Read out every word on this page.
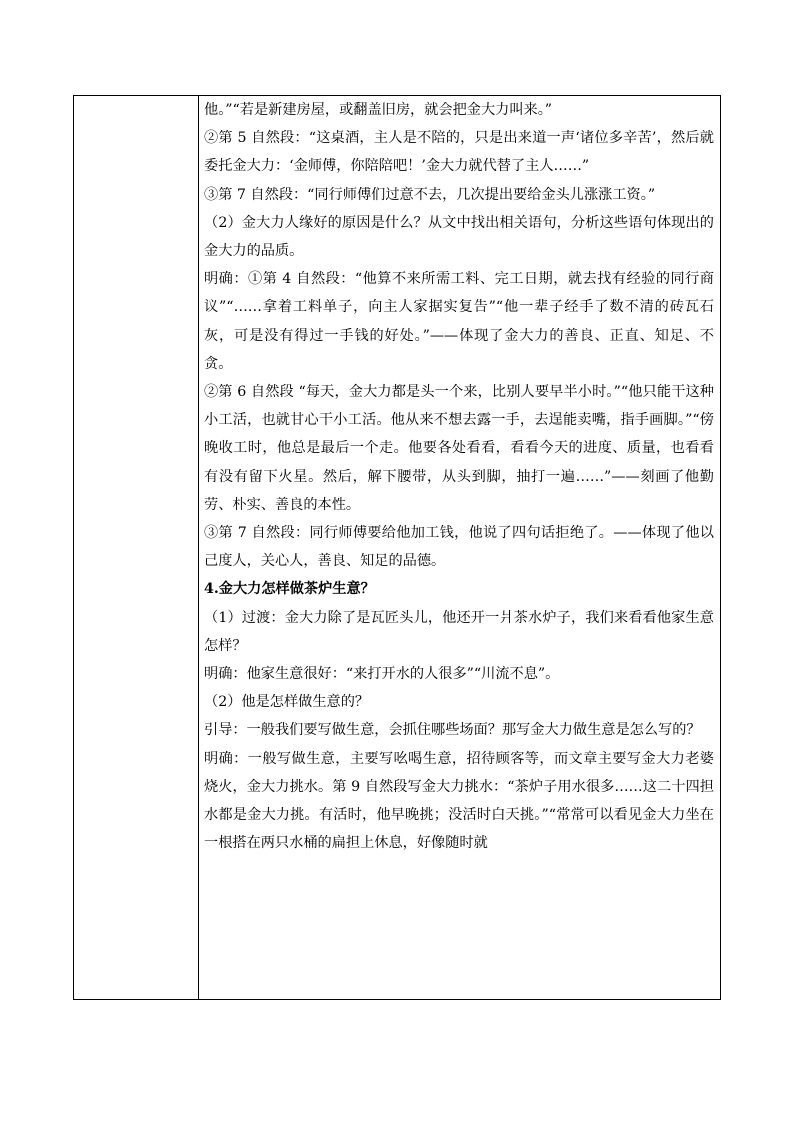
他。”“若是新建房屋，或翻盖旧房，就会把金大力叫来。”

②第 5 自然段：“这桌酒，主人是不陪的，只是出来道一声‘诸位多辛苦’，然后就委托金大力：‘金师傅，你陪陪吧！’金大力就代替了主人……”

③第 7 自然段：“同行师傅们过意不去，几次提出要给金头儿涨涨工资。”

（2）金大力人缘好的原因是什么？从文中找出相关语句，分析这些语句体现出的金大力的品质。

明确：①第 4 自然段：“他算不来所需工料、完工日期，就去找有经验的同行商议”“……拿着工料单子，向主人家据实复告”“他一辈子经手了数不清的砖瓦石灰，可是没有得过一手钱的好处。”——体现了金大力的善良、正直、知足、不贪。

②第 6 自然段 “每天，金大力都是头一个来，比别人要早半小时。”“他只能干这种小工活，也就甘心干小工活。他从来不想去露一手，去逞能卖嘴，指手画脚。”“傍晚收工时，他总是最后一个走。他要各处看看，看看今天的进度、质量，也看看有没有留下火星。然后，解下腰带，从头到脚，抽打一遍……”——刻画了他勤劳、朴实、善良的本性。

③第 7 自然段：同行师傅要给他加工钱，他说了四句话拒绝了。——体现了他以己度人，关心人，善良、知足的品德。

4.金大力怎样做茶炉生意？

（1）过渡：金大力除了是瓦匠头儿，他还开一爿茶水炉子，我们来看看他家生意怎样？

明确：他家生意很好：“来打开水的人很多”“川流不息”。

（2）他是怎样做生意的？

引导：一般我们要写做生意，会抓住哪些场面？那写金大力做生意是怎么写的？

明确：一般写做生意，主要写吆喝生意，招待顾客等，而文章主要写金大力老婆烧火，金大力挑水。第 9 自然段写金大力挑水：“茶炉子用水很多……这二十四担水都是金大力挑。有活时，他早晚挑；没活时白天挑。”“常常可以看见金大力坐在一根搭在两只水桶的扁担上休息，好像随时就
